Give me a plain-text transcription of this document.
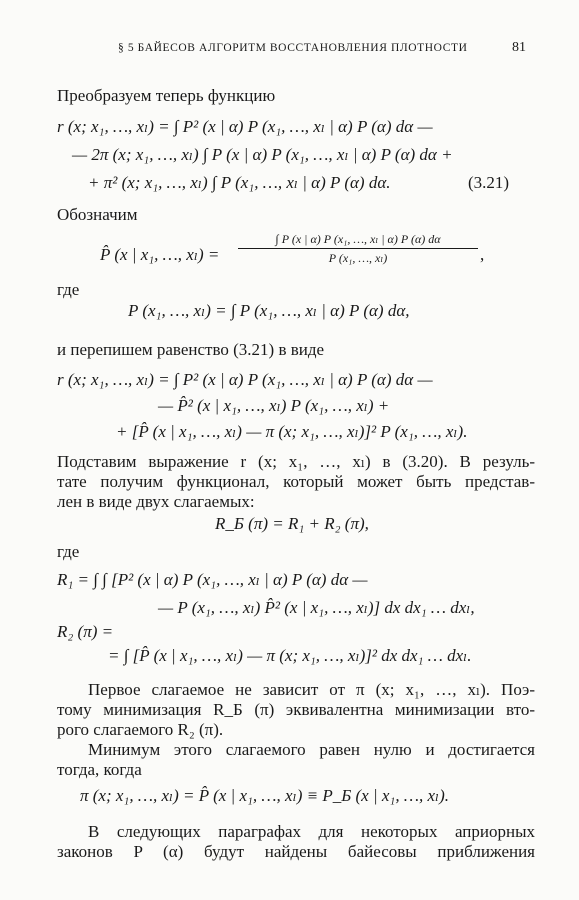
§ 5 БАЙЕСОВ АЛГОРИТМ ВОССТАНОВЛЕНИЯ ПЛОТНОСТИ	81
Преобразуем теперь функцию
r (x; x₁, …, xₗ) = ∫ P² (x | α) P (x₁, …, xₗ | α) P (α) dα —
— 2π (x; x₁, …, xₗ) ∫ P (x | α) P (x₁, …, xₗ | α) P (α) dα +
+ π² (x; x₁, …, xₗ) ∫ P (x₁, …, xₗ | α) P (α) dα.	(3.21)
Обозначим
P̂ (x | x₁, …, xₗ) =
∫ P (x | α) P (x₁, …, xₗ | α) P (α) dα
P (x₁, …, xₗ)	,
где
P (x₁, …, xₗ) = ∫ P (x₁, …, xₗ | α) P (α) dα,
и перепишем равенство (3.21) в виде
r (x; x₁, …, xₗ) = ∫ P² (x | α) P (x₁, …, xₗ | α) P (α) dα —
— P̂² (x | x₁, …, xₗ) P (x₁, …, xₗ) +
+ [P̂ (x | x₁, …, xₗ) — π (x; x₁, …, xₗ)]² P (x₁, …, xₗ).
Подставим выражение r (x; x₁, …, xₗ) в (3.20). В резуль-
тате получим функционал, который может быть представ-
лен в виде двух слагаемых:
R_Б (π) = R₁ + R₂ (π),
где
R₁ = ∫ ∫ [P² (x | α) P (x₁, …, xₗ | α) P (α) dα —
— P (x₁, …, xₗ) P̂² (x | x₁, …, xₗ)] dx dx₁ … dxₗ,
R₂ (π) =
= ∫ [P̂ (x | x₁, …, xₗ) — π (x; x₁, …, xₗ)]² dx dx₁ … dxₗ.
Первое слагаемое не зависит от π (x; x₁, …, xₗ). Поэ-
тому минимизация R_Б (π) эквивалентна минимизации вто-
рого слагаемого R₂ (π).
Минимум этого слагаемого равен нулю и достигается
тогда, когда
π (x; x₁, …, xₗ) = P̂ (x | x₁, …, xₗ) ≡ P_Б (x | x₁, …, xₗ).
В следующих параграфах для некоторых априорных
законов P (α) будут найдены байесовы приближения
